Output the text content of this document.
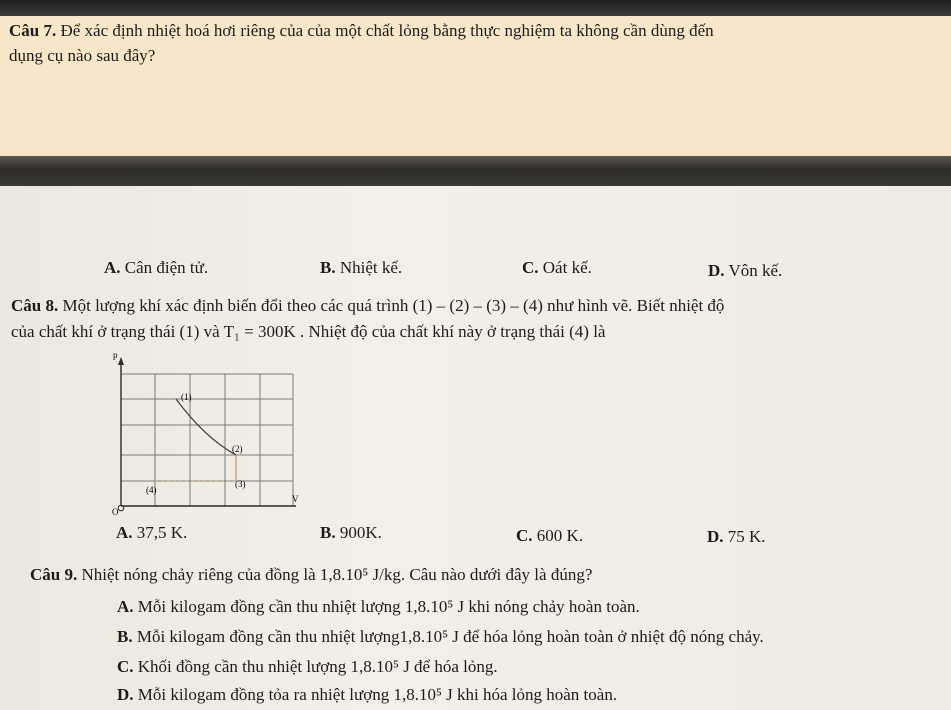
Câu 7. Để xác định nhiệt hoá hơi riêng của của một chất lỏng bằng thực nghiệm ta không cần dùng đến
dụng cụ nào sau đây?
A. Cân điện tử.	B. Nhiệt kế.	C. Oát kế.	D. Vôn kế.
Câu 8. Một lượng khí xác định biến đổi theo các quá trình (1) – (2) – (3) – (4) như hình vẽ. Biết nhiệt độ
của chất khí ở trạng thái (1) và T₁ = 300K . Nhiệt độ của chất khí này ở trạng thái (4) là
p
O
V
(1)
(2)
(3)
(4)
A. 37,5 K.	B. 900K.	C. 600 K.	D. 75 K.
Câu 9. Nhiệt nóng chảy riêng của đồng là 1,8.10⁵ J/kg. Câu nào dưới đây là đúng?
A. Mỗi kilogam đồng cần thu nhiệt lượng 1,8.10⁵ J khi nóng chảy hoàn toàn.
B. Mỗi kilogam đồng cần thu nhiệt lượng1,8.10⁵ J để hóa lỏng hoàn toàn ở nhiệt độ nóng chảy.
C. Khối đồng cần thu nhiệt lượng 1,8.10⁵ J để hóa lỏng.
D. Mỗi kilogam đồng tỏa ra nhiệt lượng 1,8.10⁵ J khi hóa lỏng hoàn toàn.
